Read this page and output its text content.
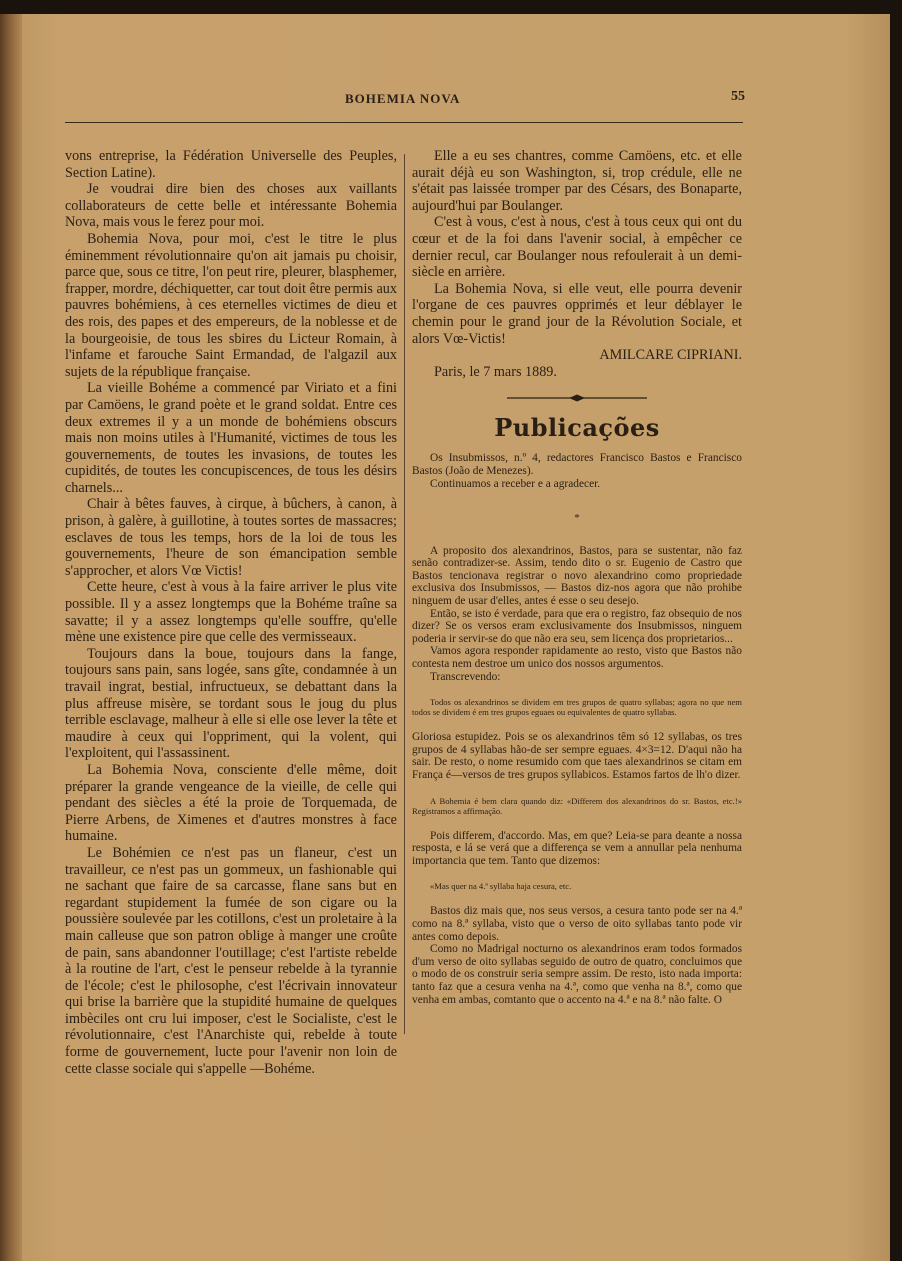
BOHEMIA NOVA	55

vons entreprise, la Fédération Universelle des Peuples, Section Latine).

Je voudrai dire bien des choses aux vaillants collaborateurs de cette belle et intéressante Bohemia Nova, mais vous le ferez pour moi.

Bohemia Nova, pour moi, c'est le titre le plus éminemment révolutionnaire qu'on ait jamais pu choisir, parce que, sous ce titre, l'on peut rire, pleurer, blasphemer, frapper, mordre, déchiquetter, car tout doit être permis aux pauvres bohémiens, à ces eternelles victimes de dieu et des rois, des papes et des empereurs, de la noblesse et de la bourgeoisie, de tous les sbires du Licteur Romain, à l'infame et farouche Saint Ermandad, de l'algazil aux sujets de la république française.

La vieille Bohéme a commencé par Viriato et a fini par Camöens, le grand poète et le grand soldat. Entre ces deux extremes il y a un monde de bohémiens obscurs mais non moins utiles à l'Humanité, victimes de tous les gouvernements, de toutes les invasions, de toutes les cupidités, de toutes les concupiscences, de tous les désirs charnels...

Chair à bêtes fauves, à cirque, à bûchers, à canon, à prison, à galère, à guillotine, à toutes sortes de massacres; esclaves de tous les temps, hors de la loi de tous les gouvernements, l'heure de son émancipation semble s'approcher, et alors Vœ Victis!

Cette heure, c'est à vous à la faire arriver le plus vite possible. Il y a assez longtemps que la Bohéme traîne sa savatte; il y a assez longtemps qu'elle souffre, qu'elle mène une existence pire que celle des vermisseaux.

Toujours dans la boue, toujours dans la fange, toujours sans pain, sans logée, sans gîte, condamnée à un travail ingrat, bestial, infructueux, se debattant dans la plus affreuse misère, se tordant sous le joug du plus terrible esclavage, malheur à elle si elle ose lever la tête et maudire à ceux qui l'oppriment, qui la volent, qui l'exploitent, qui l'assassinent.

La Bohemia Nova, consciente d'elle même, doit préparer la grande vengeance de la vieille, de celle qui pendant des siècles a été la proie de Torquemada, de Pierre Arbens, de Ximenes et d'autres monstres à face humaine.

Le Bohémien ce n'est pas un flaneur, c'est un travailleur, ce n'est pas un gommeux, un fashionable qui ne sachant que faire de sa carcasse, flane sans but en regardant stupidement la fumée de son cigare ou la poussière soulevée par les cotillons, c'est un proletaire à la main calleuse que son patron oblige à manger une croûte de pain, sans abandonner l'outillage; c'est l'artiste rebelde à la routine de l'art, c'est le penseur rebelde à la tyrannie de l'école; c'est le philosophe, c'est l'écrivain innovateur qui brise la barrière que la stupidité humaine de quelques imbèciles ont cru lui imposer, c'est le Socialiste, c'est le révolutionnaire, c'est l'Anarchiste qui, rebelde à toute forme de gouvernement, lucte pour l'avenir non loin de cette classe sociale qui s'appelle —Bohéme.

Elle a eu ses chantres, comme Camöens, etc. et elle aurait déjà eu son Washington, si, trop crédule, elle ne s'était pas laissée tromper par des Césars, des Bonaparte, aujourd'hui par Boulanger.

C'est à vous, c'est à nous, c'est à tous ceux qui ont du cœur et de la foi dans l'avenir social, à empêcher ce dernier recul, car Boulanger nous refoulerait à un demi-siècle en arrière.

La Bohemia Nova, si elle veut, elle pourra devenir l'organe de ces pauvres opprimés et leur déblayer le chemin pour le grand jour de la Révolution Sociale, et alors Vœ-Victis!

AMILCARE CIPRIANI.

Paris, le 7 mars 1889.

Publicações

Os Insubmissos, n.º 4, redactores Francisco Bastos e Francisco Bastos (João de Menezes).

Continuamos a receber e a agradecer.

*

A proposito dos alexandrinos, Bastos, para se sustentar, não faz senão contradizer-se. Assim, tendo dito o sr. Eugenio de Castro que Bastos tencionava registrar o novo alexandrino como propriedade exclusiva dos Insubmissos, — Bastos diz-nos agora que não prohibe ninguem de usar d'elles, antes é esse o seu desejo.

Então, se isto é verdade, para que era o registro, faz obsequio de nos dizer? Se os versos eram exclusivamente dos Insubmissos, ninguem poderia ir servir-se do que não era seu, sem licença dos proprietarios...

Vamos agora responder rapidamente ao resto, visto que Bastos não contesta nem destroe um unico dos nossos argumentos.

Transcrevendo:

Todos os alexandrinos se dividem em tres grupos de quatro syllabas; agora no que nem todos se dividem é em tres grupos eguaes ou equivalentes de quatro syllabas.

Gloriosa estupidez. Pois se os alexandrinos têm só 12 syllabas, os tres grupos de 4 syllabas hão-de ser sempre eguaes. 4×3=12. D'aqui não ha sair. De resto, o nome resumido com que taes alexandrinos se citam em França é—versos de tres grupos syllabicos. Estamos fartos de lh'o dizer.

A Bohemia é bem clara quando diz: «Differem dos alexandrinos do sr. Bastos, etc.!» Registramos a affirmação.

Pois differem, d'accordo. Mas, em que? Leia-se para deante a nossa resposta, e lá se verá que a differença se vem a annullar pela nenhuma importancia que tem. Tanto que dizemos:

«Mas quer na 4.ª syllaba haja cesura, etc.

Bastos diz mais que, nos seus versos, a cesura tanto pode ser na 4.ª como na 8.ª syllaba, visto que o verso de oito syllabas tanto pode vir antes como depois.

Como no Madrigal nocturno os alexandrinos eram todos formados d'um verso de oito syllabas seguido de outro de quatro, concluimos que o modo de os construir seria sempre assim. De resto, isto nada importa: tanto faz que a cesura venha na 4.ª, como que venha na 8.ª, como que venha em ambas, comtanto que o accento na 4.ª e na 8.ª não falte. O
